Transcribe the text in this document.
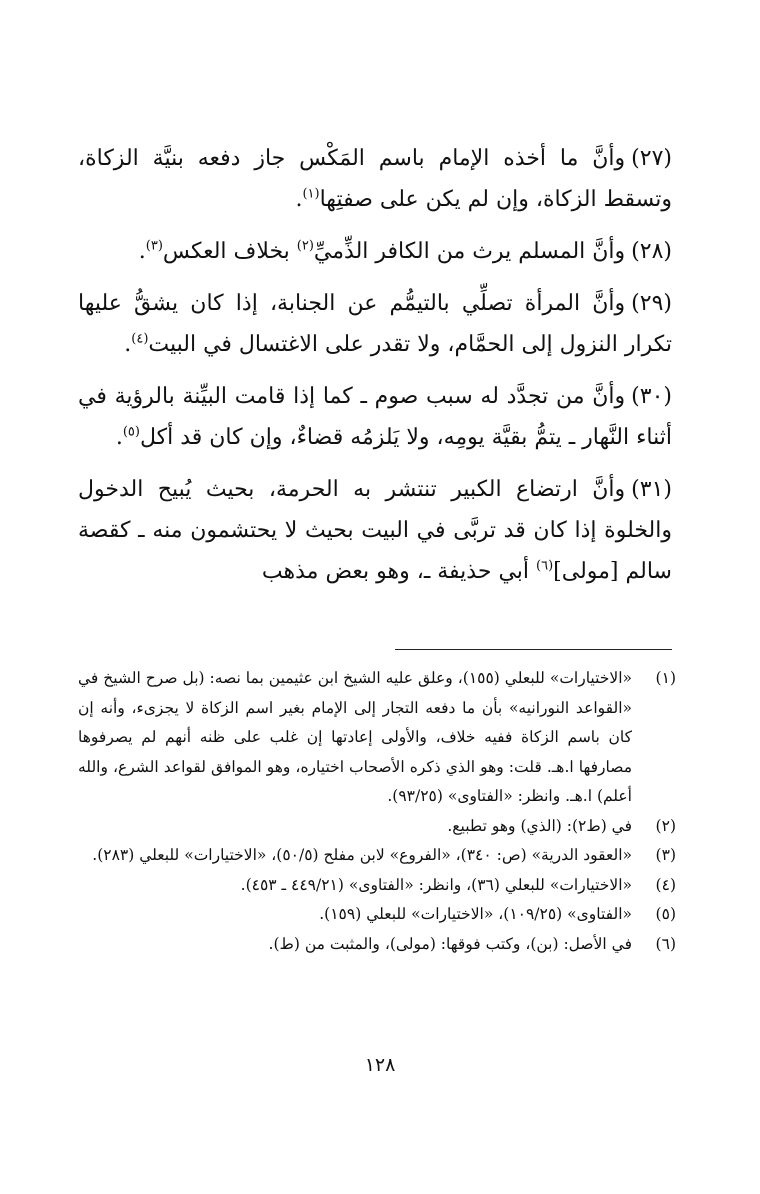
(٢٧)وأنَّ ما أخذه الإمام باسم المَكْس جاز دفعه بنيَّة الزكاة، وتسقط الزكاة، وإن لم يكن على صفتِها$^{(١)}$.

(٢٨)وأنَّ المسلم يرث من الكافر الذِّميِّ$^{(٢)}$ بخلاف العكس$^{(٣)}$.

(٢٩)وأنَّ المرأة تصلِّي بالتيمُّم عن الجنابة، إذا كان يشقُّ عليها تكرار النزول إلى الحمَّام، ولا تقدر على الاغتسال في البيت$^{(٤)}$.

(٣٠)وأنَّ من تجدَّد له سبب صوم ـ كما إذا قامت البيِّنة بالرؤية في أثناء النَّهار ـ يتمُّ بقيَّة يومِه، ولا يَلزمُه قضاءٌ، وإن كان قد أكل$^{(٥)}$.

(٣١)وأنَّ ارتضاع الكبير تنتشر به الحرمة، بحيث يُبيح الدخول والخلوة إذا كان قد تربَّى في البيت بحيث لا يحتشمون منه ـ كقصة سالم [مولى]$^{(٦)}$ أبي حذيفة ـ، وهو بعض مذهب

(١)
«الاختيارات» للبعلي (١٥٥)، وعلق عليه الشيخ ابن عثيمين بما نصه: (بل صرح الشيخ في «القواعد النورانيه» بأن ما دفعه التجار إلى الإمام بغير اسم الزكاة لا يجزىء، وأنه إن كان باسم الزكاة ففيه خلاف، والأولى إعادتها إن غلب على ظنه أنهم لم يصرفوها مصارفها ا.هـ. قلت: وهو الذي ذكره الأصحاب اختياره، وهو الموافق لقواعد الشرع، والله أعلم) ا.هـ. وانظر: «الفتاوى» (٩٣/٢٥).
(٢)
في (ط٢): (الذي) وهو تطبيع.
(٣)
«العقود الدرية» (ص: ٣٤٠)، «الفروع» لابن مفلح (٥٠/٥)، «الاختيارات» للبعلي (٢٨٣).
(٤)
«الاختيارات» للبعلي (٣٦)، وانظر: «الفتاوى» (٤٤٩/٢١ ـ ٤٥٣).
(٥)
«الفتاوى» (١٠٩/٢٥)، «الاختيارات» للبعلي (١٥٩).
(٦)
في الأصل: (بن)، وكتب فوقها: (مولى)، والمثبت من (ط).
١٢٨
